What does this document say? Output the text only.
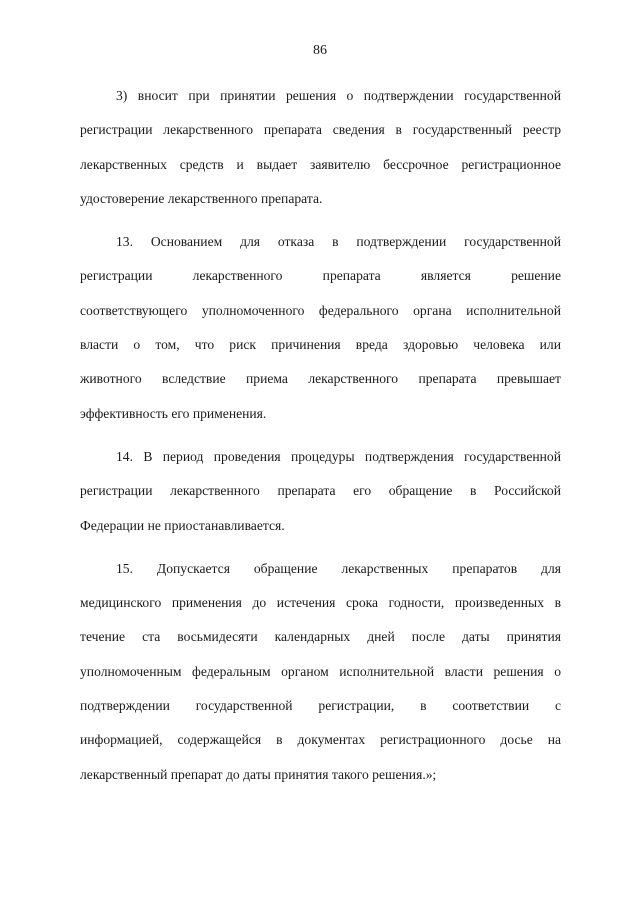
86

3) вносит при принятии решения о подтверждении государственной
регистрации лекарственного препарата сведения в государственный реестр
лекарственных средств и выдает заявителю бессрочное регистрационное
удостоверение лекарственного препарата.

13. Основанием для отказа в подтверждении государственной
регистрации лекарственного препарата является решение
соответствующего уполномоченного федерального органа исполнительной
власти о том, что риск причинения вреда здоровью человека или
животного вследствие приема лекарственного препарата превышает
эффективность его применения.

14. В период проведения процедуры подтверждения государственной
регистрации лекарственного препарата его обращение в Российской
Федерации не приостанавливается.

15. Допускается обращение лекарственных препаратов для
медицинского применения до истечения срока годности, произведенных в
течение ста восьмидесяти календарных дней после даты принятия
уполномоченным федеральным органом исполнительной власти решения о
подтверждении государственной регистрации, в соответствии с
информацией, содержащейся в документах регистрационного досье на
лекарственный препарат до даты принятия такого решения.»;
